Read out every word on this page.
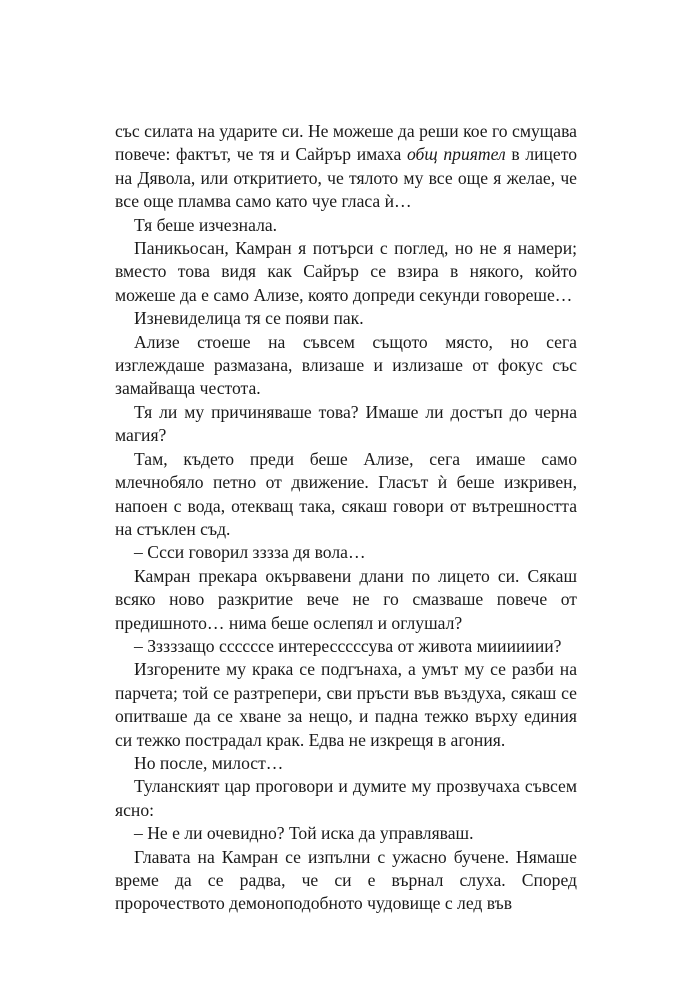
със силата на ударите си. Не можеше да реши кое го смущава повече: фактът, че тя и Сайрър имаха общ приятел в лицето на Дявола, или откритието, че тялото му все още я желае, че все още пламва само като чуе гласа ѝ…

Тя беше изчезнала.

Паникьосан, Камран я потърси с поглед, но не я намери; вместо това видя как Сайрър се взира в някого, който можеше да е само Ализе, която допреди секунди говореше…

Изневиделица тя се появи пак.

Ализе стоеше на съвсем същото място, но сега изглеждаше размазана, влизаше и излизаше от фокус със замайваща честота.

Тя ли му причиняваше това? Имаше ли достъп до черна магия?

Там, където преди беше Ализе, сега имаше само млечнобяло петно от движение. Гласът ѝ беше изкривен, напоен с вода, отекващ така, сякаш говори от вътрешността на стъклен съд.

– Ссси говорил зззза дя вола…

Камран прекара окървавени длани по лицето си. Сякаш всяко ново разкритие вече не го смазваше повече от предишното… нима беше ослепял и оглушал?

– Зззззащо ссссссе интересссссува от живота миииииии?

Изгорените му крака се подгънаха, а умът му се разби на парчета; той се разтрепери, сви пръсти във въздуха, сякаш се опитваше да се хване за нещо, и падна тежко върху единия си тежко пострадал крак. Едва не изкрещя в агония.

Но после, милост…

Туланският цар проговори и думите му прозвучаха съвсем ясно:

– Не е ли очевидно? Той иска да управляваш.

Главата на Камран се изпълни с ужасно бучене. Нямаше време да се радва, че си е върнал слуха. Според пророчеството демоноподобното чудовище с лед във
